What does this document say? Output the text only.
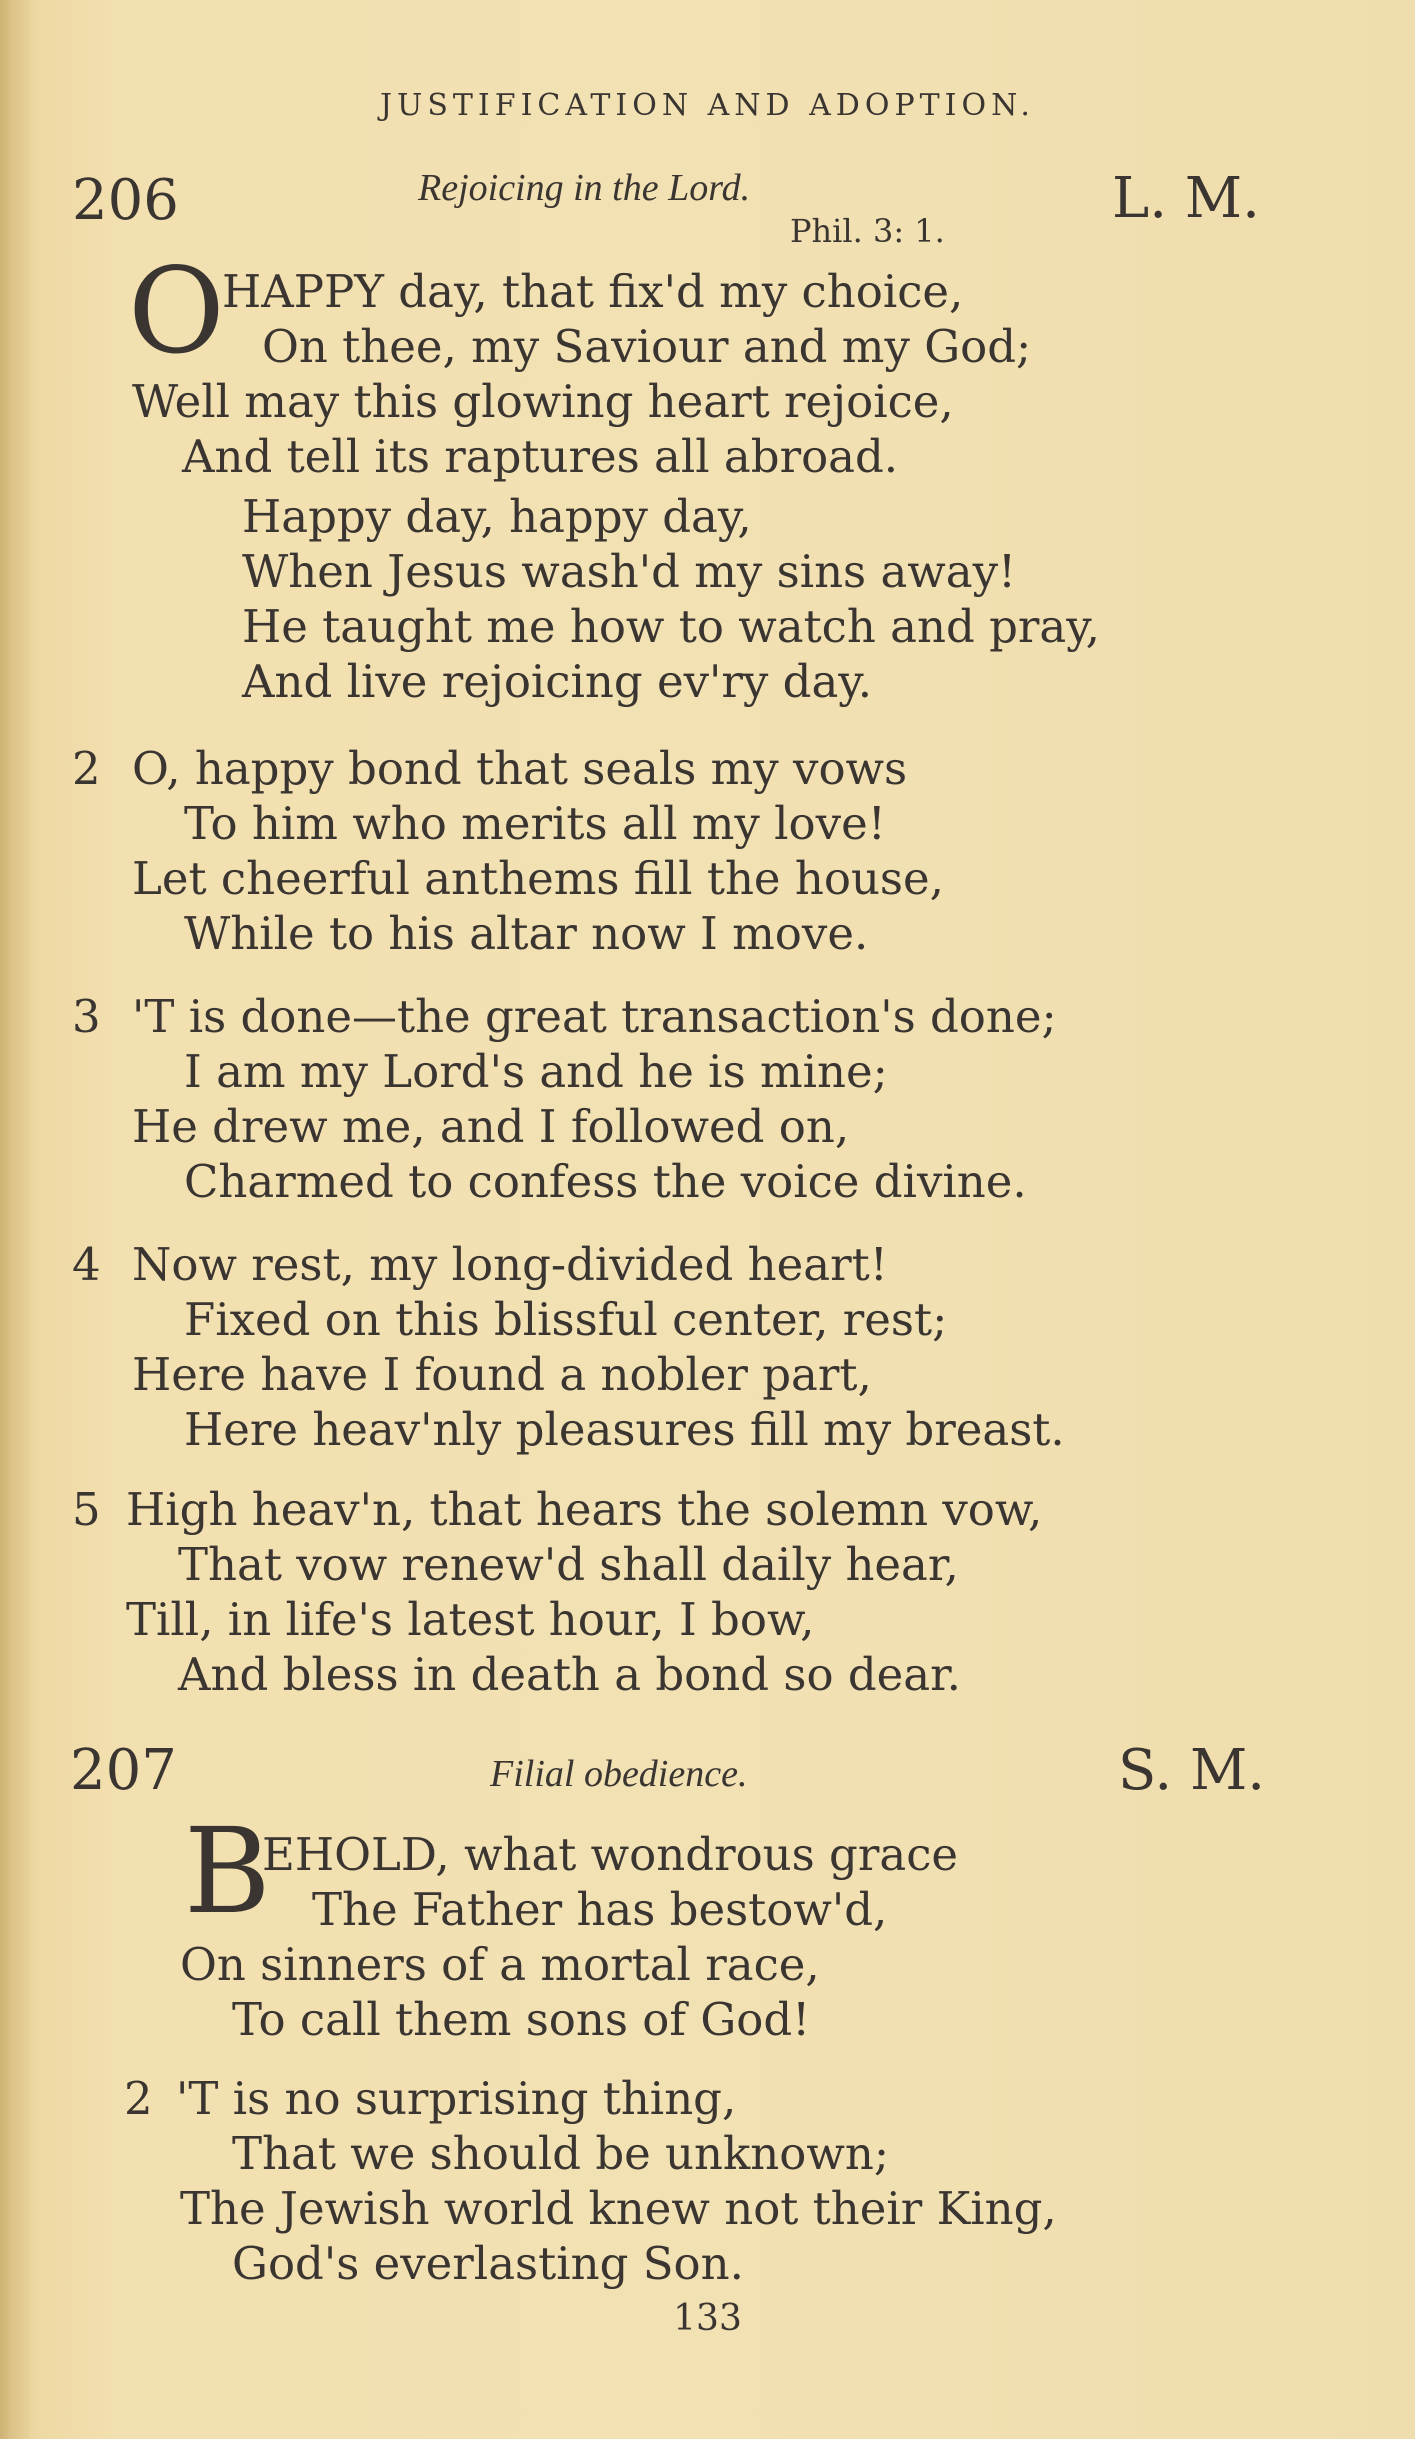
JUSTIFICATION AND ADOPTION.
206	Rejoicing in the Lord.
Phil. 3: 1.	L. M.
O
HAPPY day, that fix'd my choice,
On thee, my Saviour and my God;
Well may this glowing heart rejoice,
And tell its raptures all abroad.
Happy day, happy day,
When Jesus wash'd my sins away!
He taught me how to watch and pray,
And live rejoicing ev'ry day.
2 O, happy bond that seals my vows
To him who merits all my love!
Let cheerful anthems fill the house,
While to his altar now I move.
3 'T is done—the great transaction's done;
I am my Lord's and he is mine;
He drew me, and I followed on,
Charmed to confess the voice divine.
4 Now rest, my long-divided heart!
Fixed on this blissful center, rest;
Here have I found a nobler part,
Here heav'nly pleasures fill my breast.
5 High heav'n, that hears the solemn vow,
That vow renew'd shall daily hear,
Till, in life's latest hour, I bow,
And bless in death a bond so dear.
207	Filial obedience.	S. M.
B
EHOLD, what wondrous grace
The Father has bestow'd,
On sinners of a mortal race,
To call them sons of God!
2 'T is no surprising thing,
That we should be unknown;
The Jewish world knew not their King,
God's everlasting Son.
133
